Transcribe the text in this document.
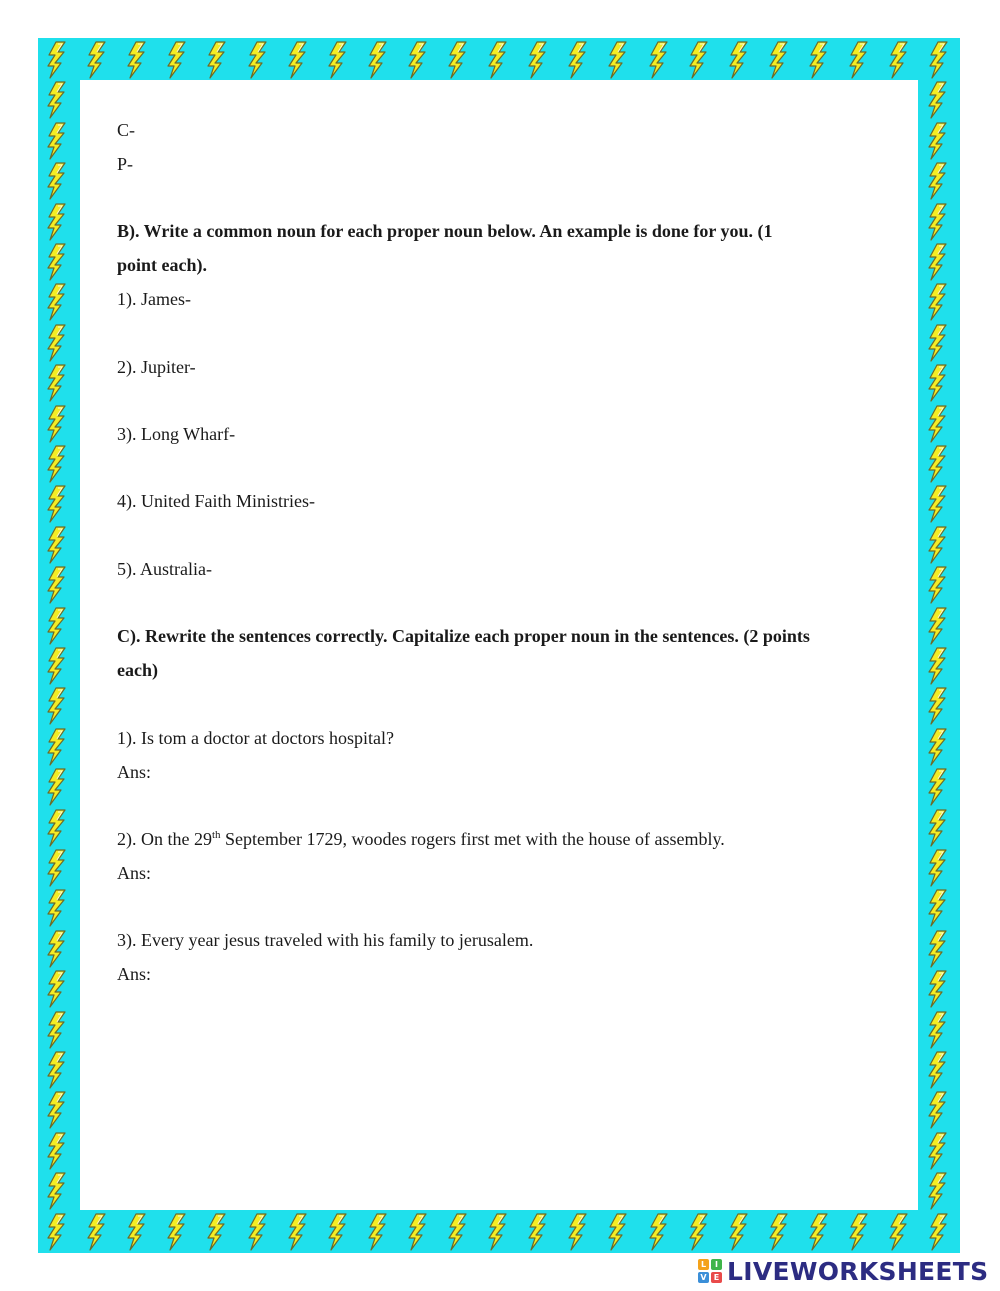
C-
P-
B). Write a common noun for each proper noun below. An example is done for you. (1
point each).
1). James-
2). Jupiter-
3). Long Wharf-
4). United Faith Ministries-
5). Australia-
C). Rewrite the sentences correctly. Capitalize each proper noun in the sentences. (2 points
each)
1). Is tom a doctor at doctors hospital?
Ans:
2). On the 29th September 1729, woodes rogers first met with the house of assembly.
Ans:
3). Every year jesus traveled with his family to jerusalem.
Ans:
L	I
V E LIVEWORKSHEETS
